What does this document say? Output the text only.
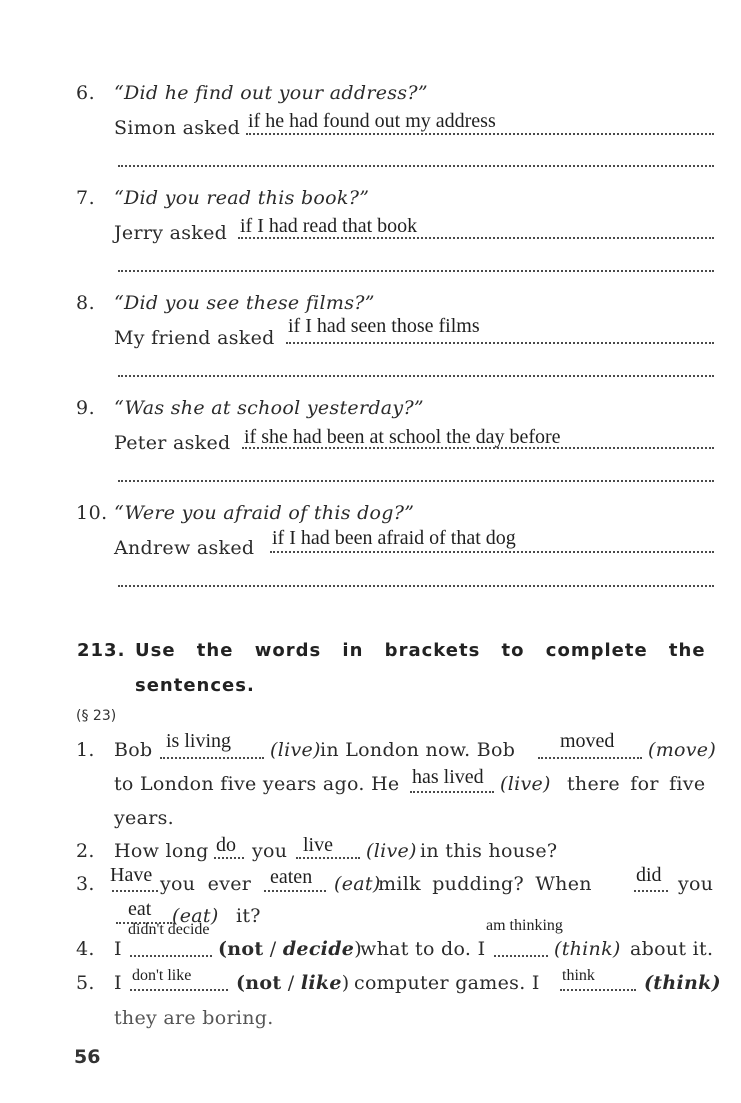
6. “Did he find out your address?”
Simon asked if he had found out my address
7. “Did you read this book?”
Jerry asked if I had read that book
8. “Did you see these films?”
My friend asked
if I had seen those films
9. “Was she at school yesterday?”
Peter asked if she had been at school the day before
10. “Were you afraid of this dog?”
Andrew asked if I had been afraid of that dog
213. Use the words in brackets to complete the
sentences.
(§ 23)
1. Bob is living (live) in London now. Bob moved (move)
to London five years ago. He has lived (live) there for five
years.
2. How long do you live (live) in this house?
3. Have you ever eaten (eat)
milk pudding? When did you
eat (eat) it?
4. I
didn't decide
(not / decide)
what to do. I
am thinking
(think) about it.
5. I don't like (not / like) computer games. I think	(think)
they are boring.
56
